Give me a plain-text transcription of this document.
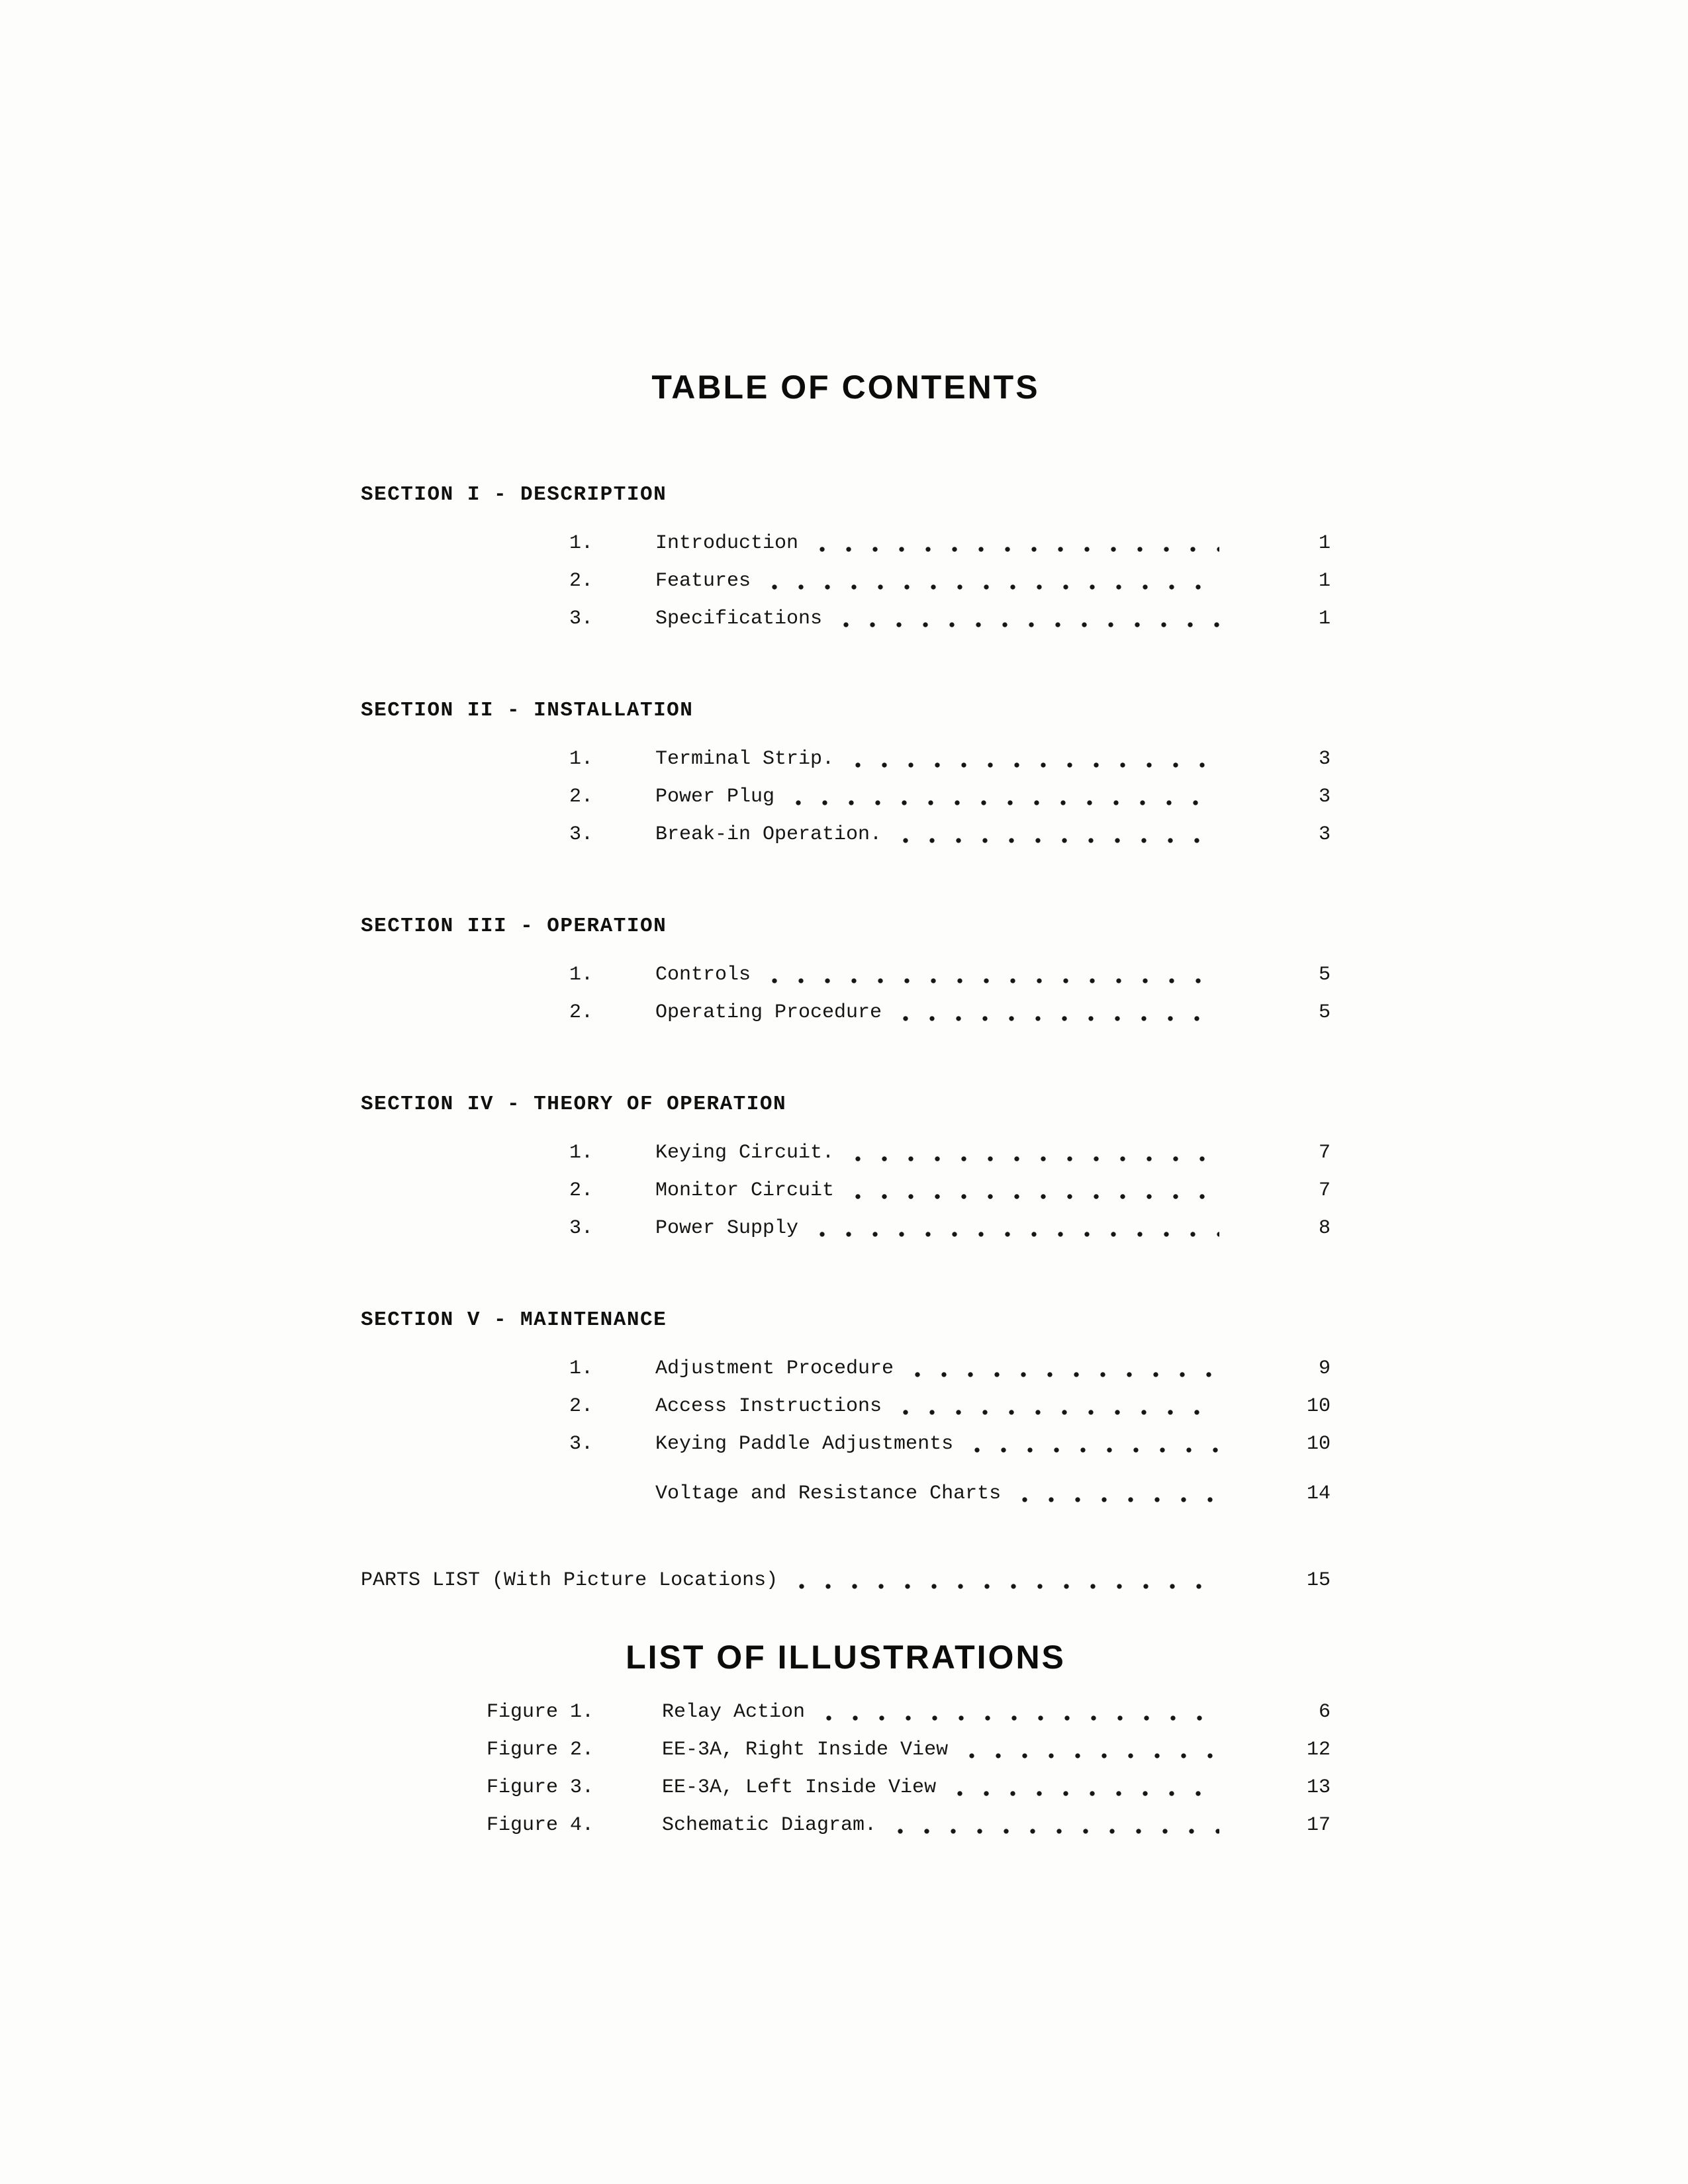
TABLE OF CONTENTS
SECTION I - DESCRIPTION
1.	Introduction	1
2.	Features	1
3.	Specifications	1
SECTION II - INSTALLATION
1.	Terminal Strip.	3
2.	Power Plug	3
3.	Break-in Operation.	3
SECTION III - OPERATION
1.	Controls	5
2.	Operating Procedure	5
SECTION IV - THEORY OF OPERATION
1.	Keying Circuit.	7
2.	Monitor Circuit	7
3.	Power Supply	8
SECTION V - MAINTENANCE
1.	Adjustment Procedure	9
2.	Access Instructions	10
3.	Keying Paddle Adjustments	10
Voltage and Resistance Charts	14
PARTS LIST (With Picture Locations)	15
LIST OF ILLUSTRATIONS
Figure 1.	Relay Action	6
Figure 2.	EE-3A, Right Inside View	12
Figure 3.	EE-3A, Left Inside View	13
Figure 4.	Schematic Diagram.	17
